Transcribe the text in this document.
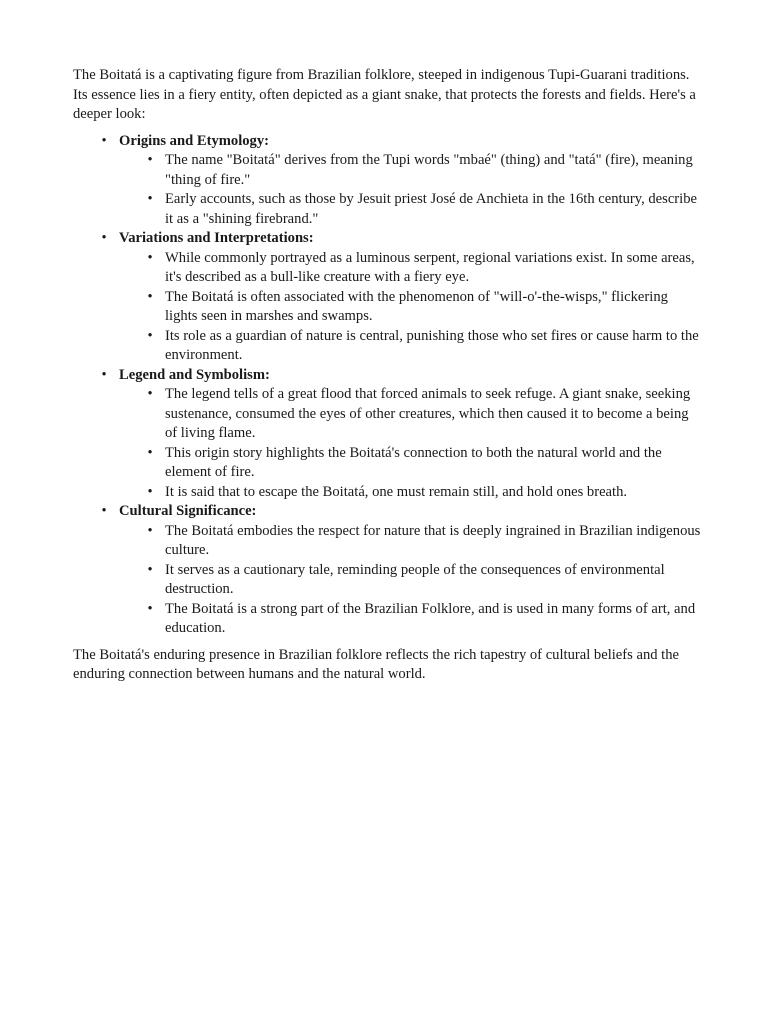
The Boitatá is a captivating figure from Brazilian folklore, steeped in indigenous Tupi-Guarani traditions. Its essence lies in a fiery entity, often depicted as a giant snake, that protects the forests and fields. Here's a deeper look:

• Origins and Etymology:
• The name "Boitatá" derives from the Tupi words "mbaé" (thing) and "tatá" (fire), meaning "thing of fire."
• Early accounts, such as those by Jesuit priest José de Anchieta in the 16th century, describe it as a "shining firebrand."
• Variations and Interpretations:
• While commonly portrayed as a luminous serpent, regional variations exist. In some areas, it's described as a bull-like creature with a fiery eye.
• The Boitatá is often associated with the phenomenon of "will-o'-the-wisps," flickering lights seen in marshes and swamps.
• Its role as a guardian of nature is central, punishing those who set fires or cause harm to the environment.
• Legend and Symbolism:
• The legend tells of a great flood that forced animals to seek refuge. A giant snake, seeking sustenance, consumed the eyes of other creatures, which then caused it to become a being of living flame.
• This origin story highlights the Boitatá's connection to both the natural world and the element of fire.
• It is said that to escape the Boitatá, one must remain still, and hold ones breath.
• Cultural Significance:
• The Boitatá embodies the respect for nature that is deeply ingrained in Brazilian indigenous culture.
• It serves as a cautionary tale, reminding people of the consequences of environmental destruction.
• The Boitatá is a strong part of the Brazilian Folklore, and is used in many forms of art, and education.

The Boitatá's enduring presence in Brazilian folklore reflects the rich tapestry of cultural beliefs and the enduring connection between humans and the natural world.
